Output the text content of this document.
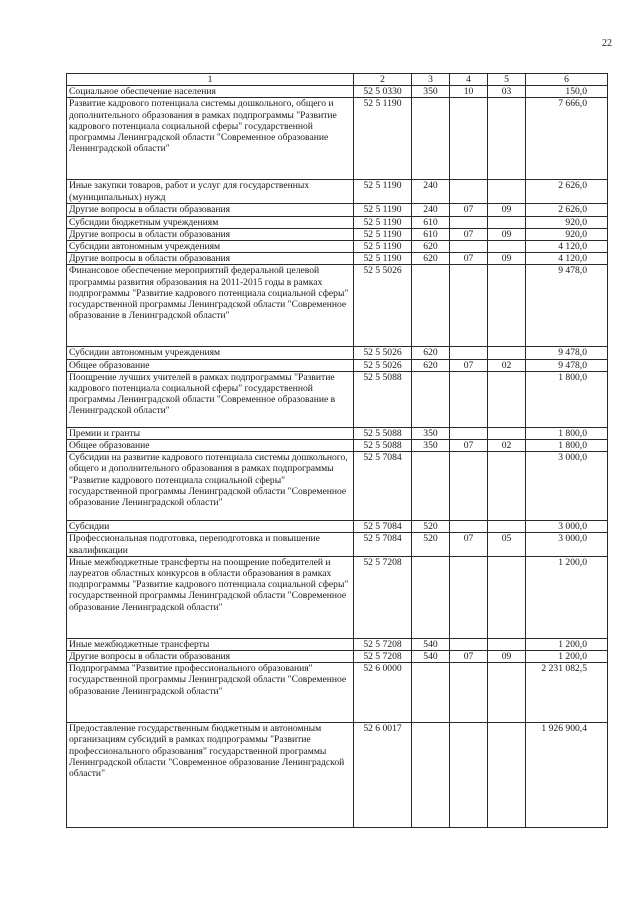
22
1	2	3	4	5	6
Социальное обеспечение населения	52 5 0330	350	10	03	150,0
Развитие кадрового потенциала системы дошкольного, общего и дополнительного образования в рамках подпрограммы "Развитие кадрового потенциала социальной сферы" государственной программы Ленинградской области "Современное образование Ленинградской области"	52 5 1190				7 666,0
Иные закупки товаров, работ и услуг для государственных (муниципальных) нужд	52 5 1190	240			2 626,0
Другие вопросы в области образования	52 5 1190	240	07	09	2 626,0
Субсидии бюджетным учреждениям	52 5 1190	610			920,0
Другие вопросы в области образования	52 5 1190	610	07	09	920,0
Субсидии автономным учреждениям	52 5 1190	620			4 120,0
Другие вопросы в области образования	52 5 1190	620	07	09	4 120,0
Финансовое обеспечение мероприятий федеральной целевой программы развития образования на 2011-2015 годы в рамках подпрограммы "Развитие кадрового потенциала социальной сферы" государственной программы Ленинградской области "Современное образование в Ленинградской области"	52 5 5026				9 478,0
Субсидии автономным учреждениям	52 5 5026	620			9 478,0
Общее образование	52 5 5026	620	07	02	9 478,0
Поощрение лучших учителей в рамках подпрограммы "Развитие кадрового потенциала социальной сферы" государственной программы Ленинградской области "Современное образование в Ленинградской области"	52 5 5088				1 800,0
Премии и гранты	52 5 5088	350			1 800,0
Общее образование	52 5 5088	350	07	02	1 800,0
Субсидии на развитие кадрового потенциала системы дошкольного, общего и дополнительного образования в рамках подпрограммы "Развитие кадрового потенциала социальной сферы" государственной программы Ленинградской области "Современное образование Ленинградской области"	52 5 7084				3 000,0
Субсидии	52 5 7084	520			3 000,0
Профессиональная подготовка, переподготовка и повышение квалификации	52 5 7084	520	07	05	3 000,0
Иные межбюджетные трансферты на поощрение победителей и лауреатов областных конкурсов в области образования в рамках подпрограммы "Развитие кадрового потенциала социальной сферы" государственной программы Ленинградской области "Современное образование Ленинградской области"	52 5 7208				1 200,0
Иные межбюджетные трансферты	52 5 7208	540			1 200,0
Другие вопросы в области образования	52 5 7208	540	07	09	1 200,0
Подпрограмма "Развитие профессионального образования" государственной программы Ленинградской области "Современное образование Ленинградской области"	52 6 0000				2 231 082,5
Предоставление государственным бюджетным и автономным организациям субсидий в рамках подпрограммы "Развитие профессионального образования" государственной программы Ленинградской области "Современное образование Ленинградской области"	52 6 0017				1 926 900,4
